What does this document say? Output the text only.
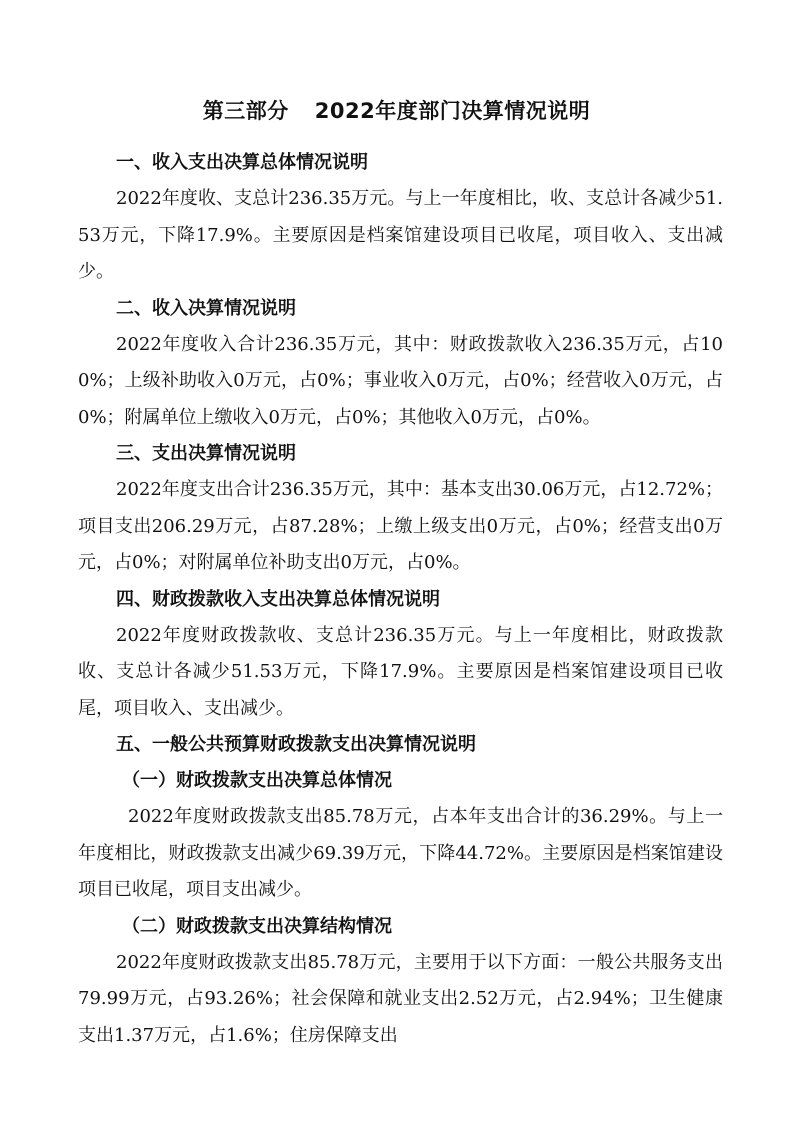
第三部分 2022年度部门决算情况说明
一、收入支出决算总体情况说明

2022年度收、支总计236.35万元。与上一年度相比，收、支总计各减少51.53万元，下降17.9%。主要原因是档案馆建设项目已收尾，项目收入、支出减少。

二、收入决算情况说明

2022年度收入合计236.35万元，其中：财政拨款收入236.35万元，占100%；上级补助收入0万元，占0%；事业收入0万元，占0%；经营收入0万元，占0%；附属单位上缴收入0万元，占0%；其他收入0万元，占0%。

三、支出决算情况说明

2022年度支出合计236.35万元，其中：基本支出30.06万元，占12.72%；项目支出206.29万元，占87.28%；上缴上级支出0万元，占0%；经营支出0万元，占0%；对附属单位补助支出0万元，占0%。

四、财政拨款收入支出决算总体情况说明

2022年度财政拨款收、支总计236.35万元。与上一年度相比，财政拨款收、支总计各减少51.53万元，下降17.9%。主要原因是档案馆建设项目已收尾，项目收入、支出减少。

五、一般公共预算财政拨款支出决算情况说明
（一）财政拨款支出决算总体情况

2022年度财政拨款支出85.78万元，占本年支出合计的36.29%。与上一年度相比，财政拨款支出减少69.39万元，下降44.72%。主要原因是档案馆建设项目已收尾，项目支出减少。

（二）财政拨款支出决算结构情况

2022年度财政拨款支出85.78万元，主要用于以下方面：一般公共服务支出79.99万元，占93.26%；社会保障和就业支出2.52万元，占2.94%；卫生健康支出1.37万元，占1.6%；住房保障支出
